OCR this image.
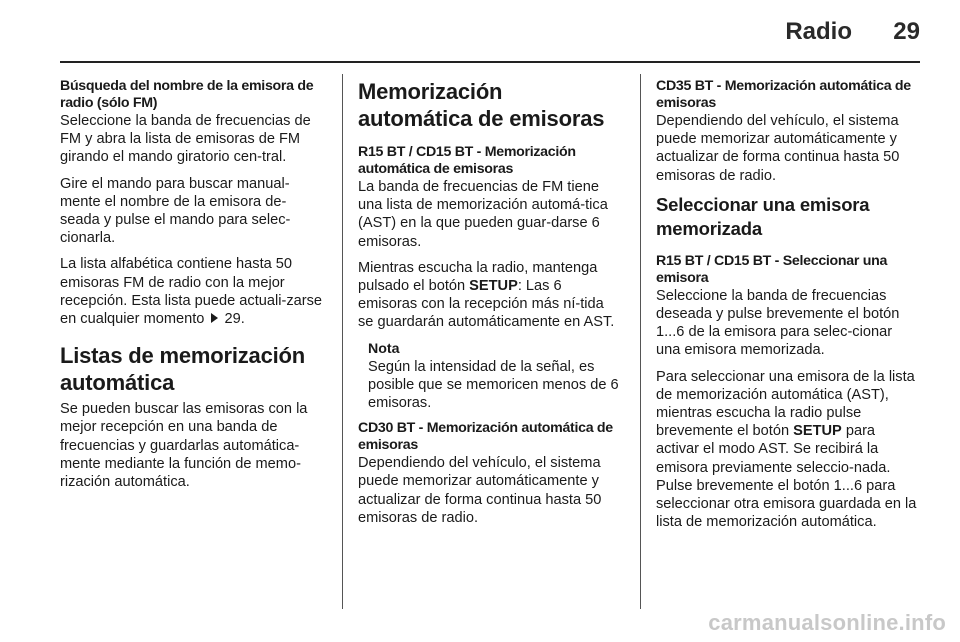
Radio 29
Búsqueda del nombre de la emisora de radio (sólo FM)
Seleccione la banda de frecuencias de FM y abra la lista de emisoras de FM girando el mando giratorio cen-tral.
Gire el mando para buscar manual-mente el nombre de la emisora de-seada y pulse el mando para selec-cionarla.
La lista alfabética contiene hasta 50 emisoras FM de radio con la mejor recepción. Esta lista puede actuali-zarse en cualquier momento 29.
Listas de memorización automática
Se pueden buscar las emisoras con la mejor recepción en una banda de frecuencias y guardarlas automática-mente mediante la función de memo-rización automática.
Memorización automática de emisoras
R15 BT / CD15 BT - Memorización automática de emisoras
La banda de frecuencias de FM tiene una lista de memorización automá-tica (AST) en la que pueden guar-darse 6 emisoras.
Mientras escucha la radio, mantenga pulsado el botón SETUP: Las 6 emisoras con la recepción más ní-tida se guardarán automáticamente en AST.
Nota
Según la intensidad de la señal, es posible que se memoricen menos de 6 emisoras.
CD30 BT - Memorización automática de emisoras
Dependiendo del vehículo, el sistema puede memorizar automáticamente y actualizar de forma continua hasta 50 emisoras de radio.
CD35 BT - Memorización automática de emisoras
Dependiendo del vehículo, el sistema puede memorizar automáticamente y actualizar de forma continua hasta 50 emisoras de radio.
Seleccionar una emisora memorizada
R15 BT / CD15 BT - Seleccionar una emisora
Seleccione la banda de frecuencias deseada y pulse brevemente el botón 1...6 de la emisora para selec-cionar una emisora memorizada.
Para seleccionar una emisora de la lista de memorización automática (AST), mientras escucha la radio pulse brevemente el botón SETUP para activar el modo AST. Se recibirá la emisora previamente seleccio-nada. Pulse brevemente el botón 1...6 para seleccionar otra emisora guardada en la lista de memorización automática.
carmanualsonline.info
